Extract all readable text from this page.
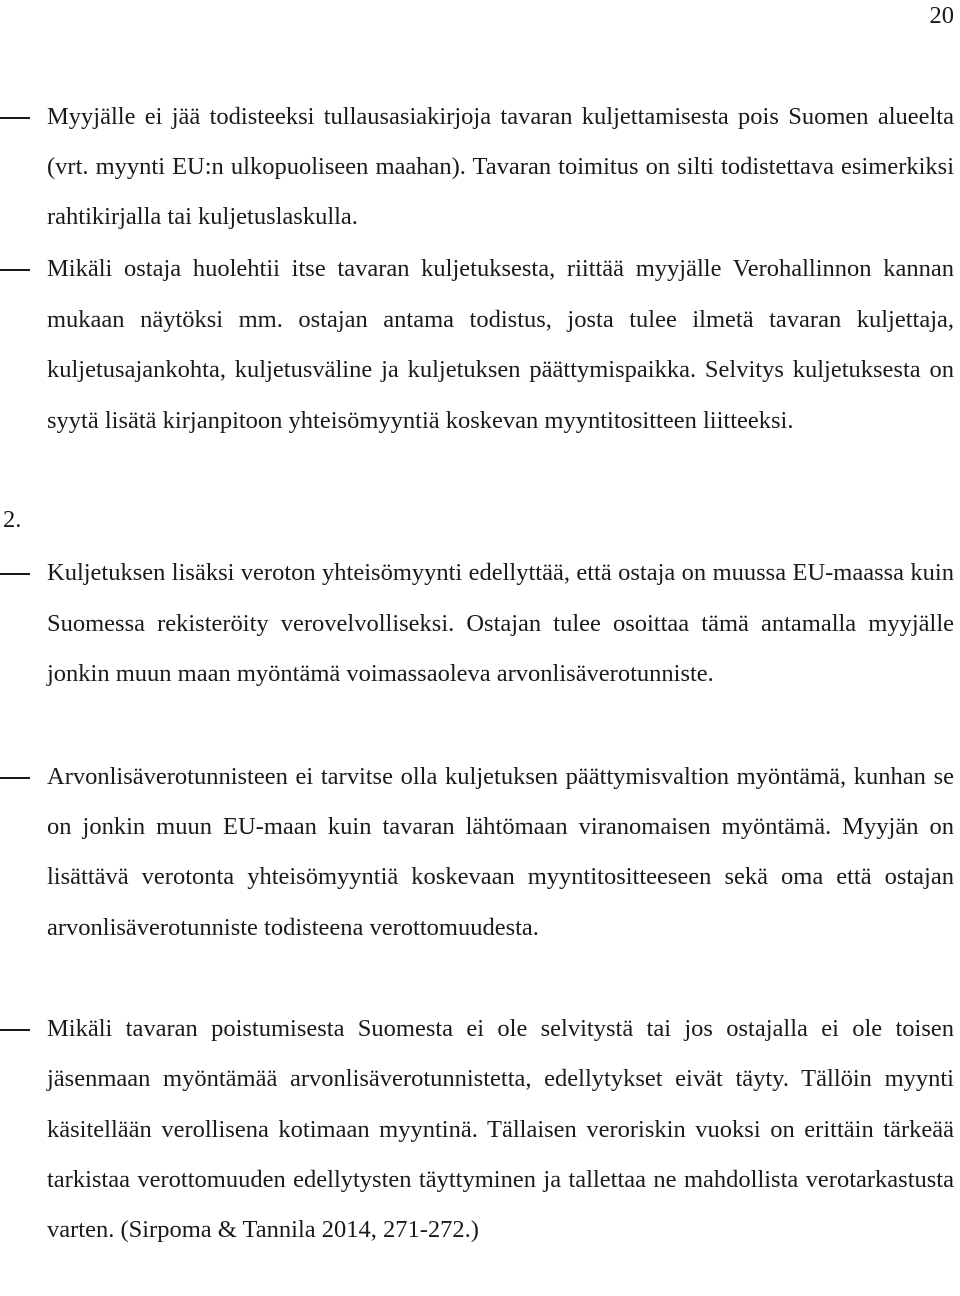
20
Myyjälle ei jää todisteeksi tullausasiakirjoja tavaran kuljettamisesta pois Suomen alueelta (vrt. myynti EU:n ulkopuoliseen maahan). Tavaran toimitus on silti todistettava esimerkiksi rahtikirjalla tai kuljetuslaskulla.
Mikäli ostaja huolehtii itse tavaran kuljetuksesta, riittää myyjälle Verohallinnon kannan mukaan näytöksi mm. ostajan antama todistus, josta tulee ilmetä tavaran kuljettaja, kuljetusajankohta, kuljetusväline ja kuljetuksen päättymispaikka. Selvitys kuljetuksesta on syytä lisätä kirjanpitoon yhteisömyyntiä koskevan myyntitositteen liitteeksi.
2.
Kuljetuksen lisäksi veroton yhteisömyynti edellyttää, että ostaja on muussa EU-maassa kuin Suomessa rekisteröity verovelvolliseksi. Ostajan tulee osoittaa tämä antamalla myyjälle jonkin muun maan myöntämä voimassaoleva arvonlisäverotunniste.
Arvonlisäverotunnisteen ei tarvitse olla kuljetuksen päättymisvaltion myöntämä, kunhan se on jonkin muun EU-maan kuin tavaran lähtömaan viranomaisen myöntämä. Myyjän on lisättävä verotonta yhteisömyyntiä koskevaan myyntitositteeseen sekä oma että ostajan arvonlisäverotunniste todisteena verottomuudesta.
Mikäli tavaran poistumisesta Suomesta ei ole selvitystä tai jos ostajalla ei ole toisen jäsenmaan myöntämää arvonlisäverotunnistetta, edellytykset eivät täyty. Tällöin myynti käsitellään verollisena kotimaan myyntinä. Tällaisen veroriskin vuoksi on erittäin tärkeää tarkistaa verottomuuden edellytysten täyttyminen ja tallettaa ne mahdollista verotarkastusta varten. (Sirpoma & Tannila 2014, 271-272.)
